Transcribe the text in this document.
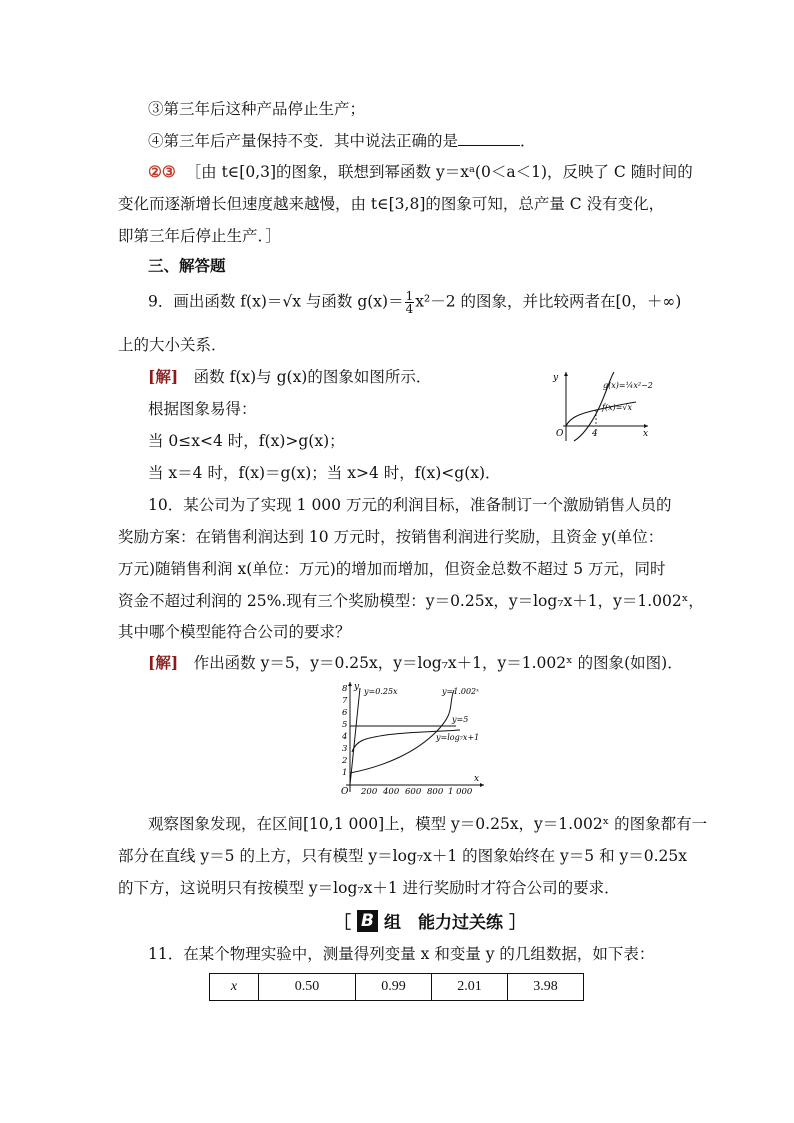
③第三年后这种产品停止生产；
④第三年后产量保持不变．其中说法正确的是	．
②③ ［由 t∈[0,3]的图象，联想到幂函数 y＝xᵃ(0＜a＜1)，反映了 C 随时间的
变化而逐渐增长但速度越来越慢，由 t∈[3,8]的图象可知，总产量 C 没有变化，
即第三年后停止生产．］
三、解答题
9．画出函数 f(x)＝√x 与函数 $g(x)= \frac{1}{4} x^2-2$ 的图象，并比较两者在[0，＋∞)
上的大小关系．
[解]　函数 f(x)与 g(x)的图象如图所示．
根据图象易得：
当 0≤x<4 时，f(x)>g(x)；
当 x＝4 时，f(x)＝g(x)；当 x>4 时，f(x)<g(x)．
y
x
O	4
g(x)=¼x²−2
f(x)=√x
10．某公司为了实现 1 000 万元的利润目标，准备制订一个激励销售人员的
奖励方案：在销售利润达到 10 万元时，按销售利润进行奖励，且资金 y(单位：
万元)随销售利润 x(单位：万元)的增加而增加，但资金总数不超过 5 万元，同时
资金不超过利润的 25%.现有三个奖励模型：y＝0.25x，y＝log₇x＋1，y＝1.002ˣ，
其中哪个模型能符合公司的要求？
[解]　作出函数 y＝5，y＝0.25x，y＝log₇x＋1，y＝1.002ˣ 的图象(如图)．
y
x
O
1
2
3
4
5
6
7
8
200 400 600 800 1 000
y=0.25x	y=1.002ˣ
y=5
y=log₇x+1
观察图象发现，在区间[10,1 000]上，模型 y＝0.25x，y＝1.002ˣ 的图象都有一
部分在直线 y＝5 的上方，只有模型 y＝log₇x＋1 的图象始终在 y＝5 和 y＝0.25x
的下方，这说明只有按模型 y＝log₇x＋1 进行奖励时才符合公司的要求．
［ B 组　能力过关练 ］
11．在某个物理实验中，测量得列变量 x 和变量 y 的几组数据，如下表：
x	0.50	0.99	2.01	3.98
